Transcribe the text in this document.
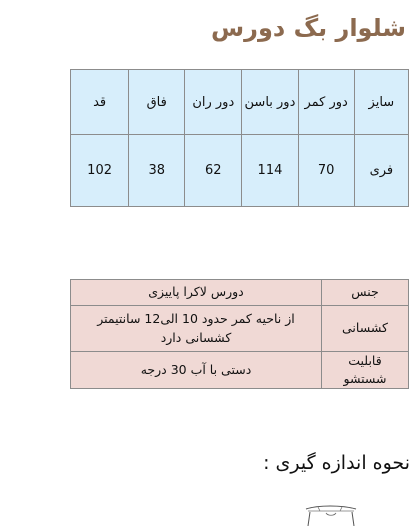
شلوار بگ دورس
سایز	دور کمر	دور باسن	دور ران	فاق	قد
فری	70	114	62	38	102
جنس	دورس لاکرا پاییزی
کشسانی	از ناحیه کمر حدود 10 الی12 سانتیمتر
کشسانی دارد

قابلیت شستشو	دستی با آب 30 درجه
نحوه اندازه گیری :
